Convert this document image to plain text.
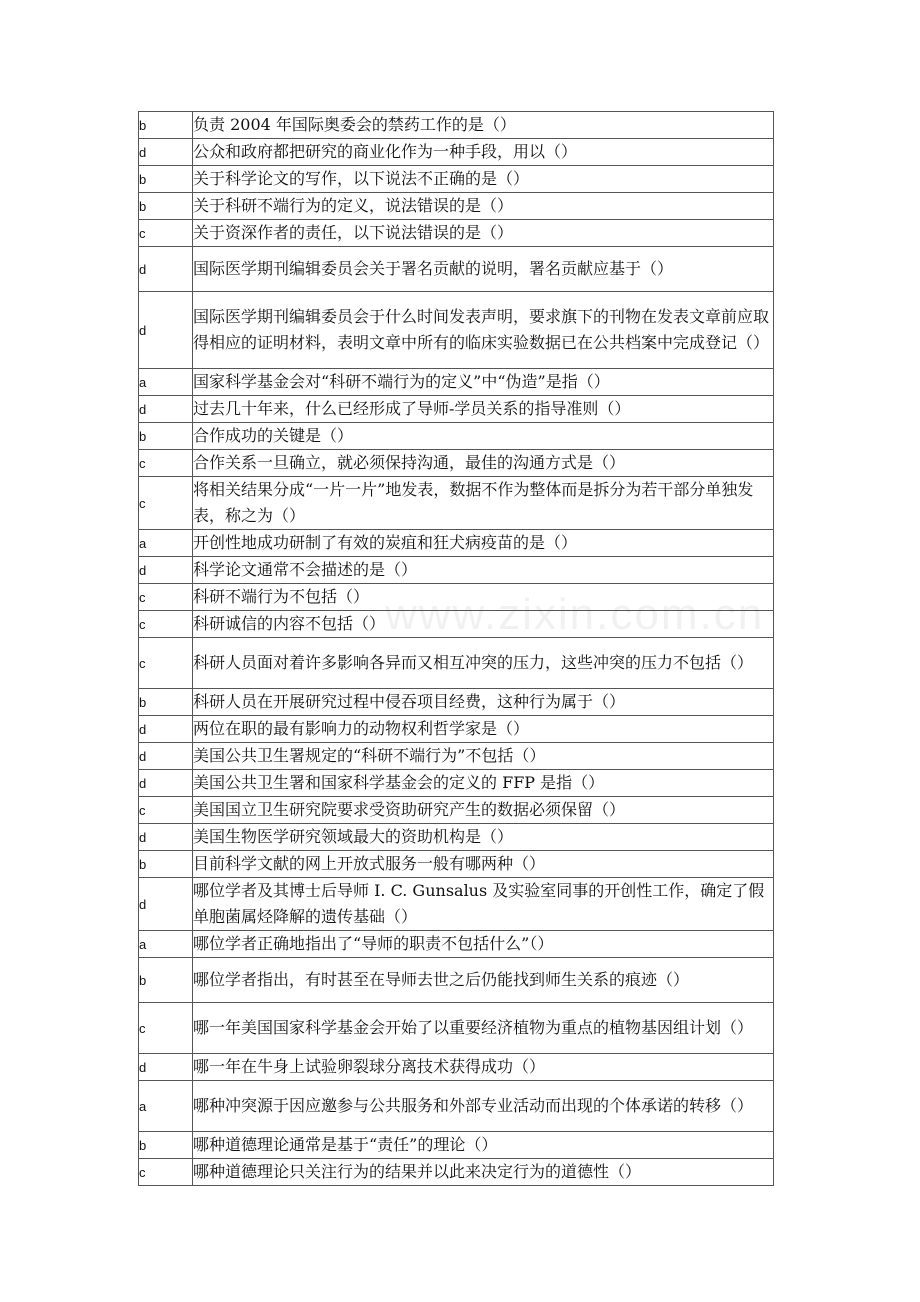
www.zixin.com.cn
b	负责 2004 年国际奥委会的禁药工作的是（）
d	公众和政府都把研究的商业化作为一种手段，用以（）
b	关于科学论文的写作，以下说法不正确的是（）
b	关于科研不端行为的定义，说法错误的是（）
c	关于资深作者的责任，以下说法错误的是（）
d	国际医学期刊编辑委员会关于署名贡献的说明，署名贡献应基于（）
d	国际医学期刊编辑委员会于什么时间发表声明，要求旗下的刊物在发表文章前应取得相应的证明材料，表明文章中所有的临床实验数据已在公共档案中完成登记（）
a	国家科学基金会对“科研不端行为的定义”中“伪造”是指（）
d	过去几十年来，什么已经形成了导师-学员关系的指导准则（）
b	合作成功的关键是（）
c	合作关系一旦确立，就必须保持沟通，最佳的沟通方式是（）
c	将相关结果分成“一片一片”地发表，数据不作为整体而是拆分为若干部分单独发表，称之为（）
a	开创性地成功研制了有效的炭疽和狂犬病疫苗的是（）
d	科学论文通常不会描述的是（）
c	科研不端行为不包括（）
c	科研诚信的内容不包括（）
c	科研人员面对着许多影响各异而又相互冲突的压力，这些冲突的压力不包括（）
b	科研人员在开展研究过程中侵吞项目经费，这种行为属于（）
d	两位在职的最有影响力的动物权利哲学家是（）
d	美国公共卫生署规定的“科研不端行为”不包括（）
d	美国公共卫生署和国家科学基金会的定义的 FFP 是指（）
c	美国国立卫生研究院要求受资助研究产生的数据必须保留（）
d	美国生物医学研究领域最大的资助机构是（）
b	目前科学文献的网上开放式服务一般有哪两种（）
d	哪位学者及其博士后导师 I. C. Gunsalus 及实验室同事的开创性工作，确定了假单胞菌属烃降解的遗传基础（）
a	哪位学者正确地指出了“导师的职责不包括什么”（）
b	哪位学者指出，有时甚至在导师去世之后仍能找到师生关系的痕迹（）
c	哪一年美国国家科学基金会开始了以重要经济植物为重点的植物基因组计划（）
d	哪一年在牛身上试验卵裂球分离技术获得成功（）
a	哪种冲突源于因应邀参与公共服务和外部专业活动而出现的个体承诺的转移（）
b	哪种道德理论通常是基于“责任”的理论（）
c	哪种道德理论只关注行为的结果并以此来决定行为的道德性（）
